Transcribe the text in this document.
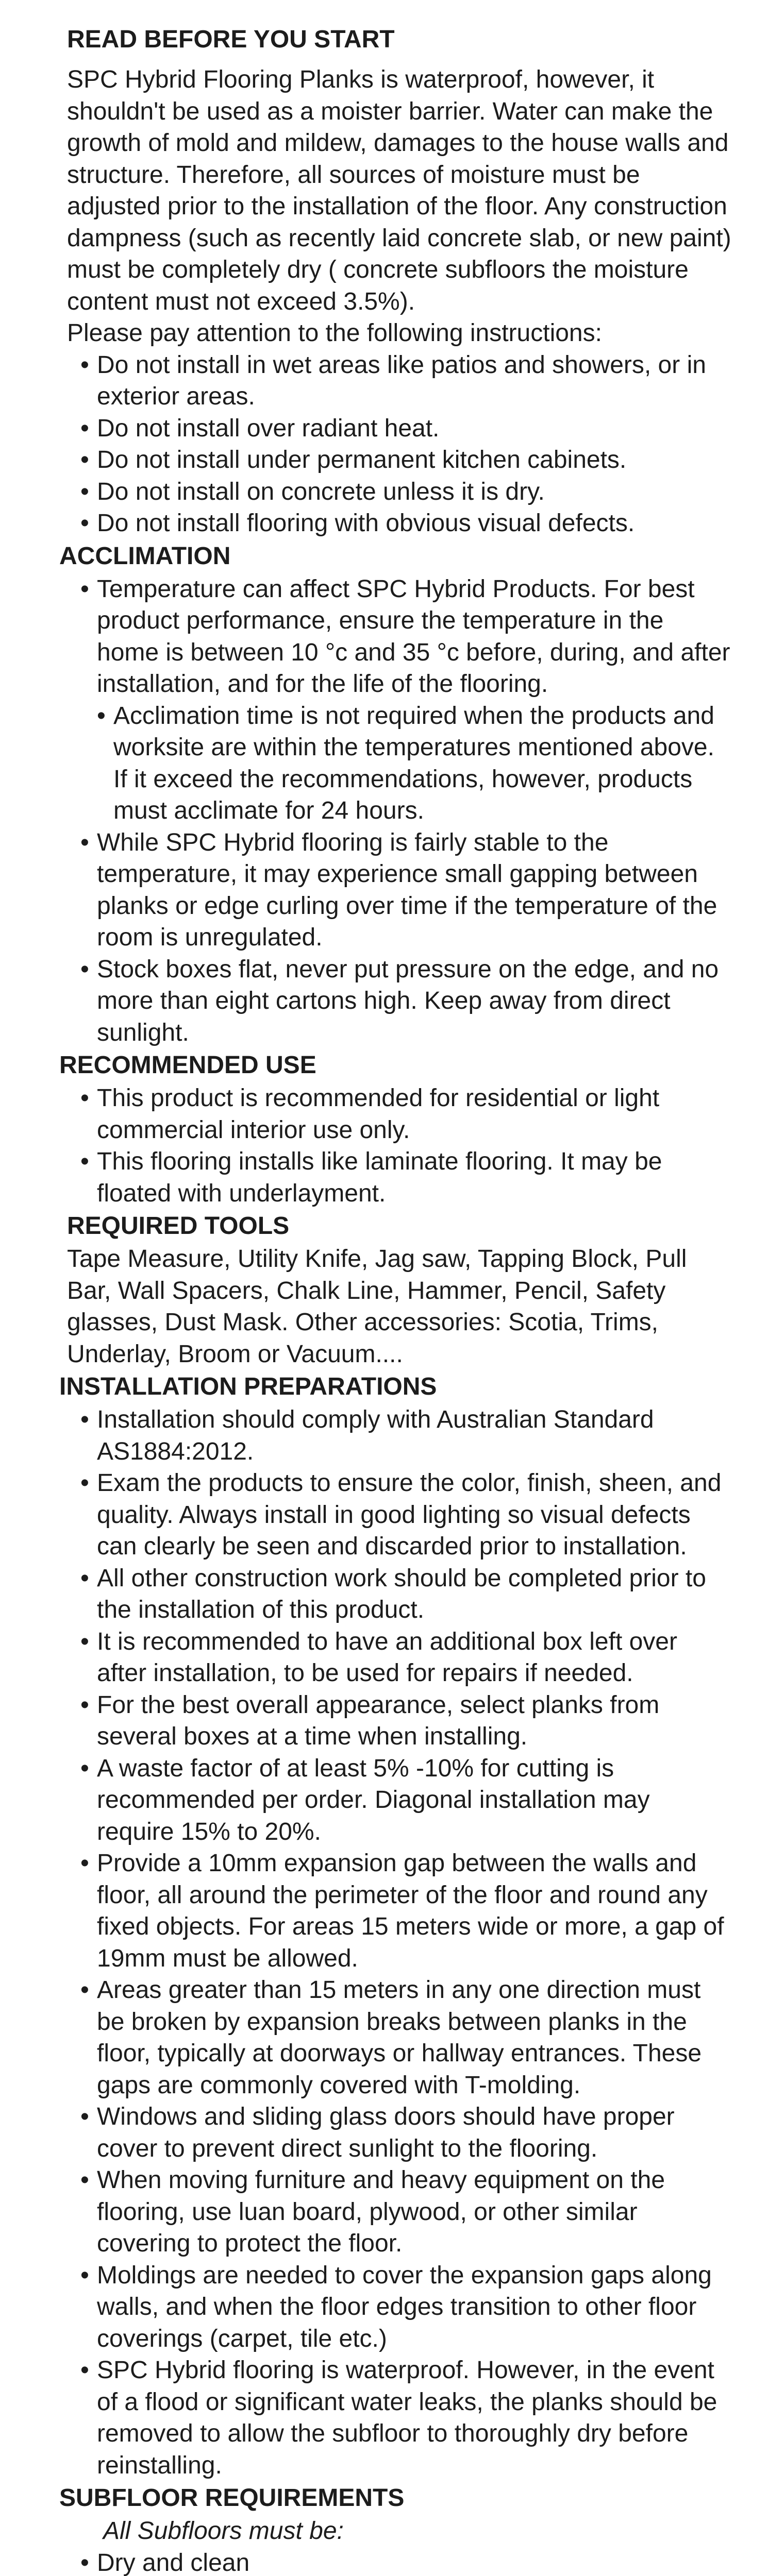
READ BEFORE YOU START

SPC Hybrid Flooring Planks is waterproof, however, it shouldn't be used as a moister barrier. Water can make the growth of mold and mildew, damages to the house walls and structure. Therefore, all sources of moisture must be adjusted prior to the installation of the floor. Any construction dampness (such as recently laid concrete slab, or new paint) must be completely dry ( concrete subfloors the moisture content must not exceed 3.5%).

Please pay attention to the following instructions:

• Do not install in wet areas like patios and showers, or in exterior areas.
• Do not install over radiant heat.
• Do not install under permanent kitchen cabinets.
• Do not install on concrete unless it is dry.
• Do not install flooring with obvious visual defects.
ACCLIMATION
• Temperature can affect SPC Hybrid Products. For best product performance, ensure the temperature in the home is between 10 °c and 35 °c before, during, and after installation, and for the life of the flooring.
• Acclimation time is not required when the products and worksite are within the temperatures mentioned above. If it exceed the recommendations, however, products must acclimate for 24 hours.
• While SPC Hybrid flooring is fairly stable to the temperature, it may experience small gapping between planks or edge curling over time if the temperature of the room is unregulated.
• Stock boxes flat, never put pressure on the edge, and no more than eight cartons high. Keep away from direct sunlight.
RECOMMENDED USE
• This product is recommended for residential or light commercial interior use only.
• This flooring installs like laminate flooring. It may be floated with underlayment.
REQUIRED TOOLS

Tape Measure, Utility Knife, Jag saw, Tapping Block, Pull Bar, Wall Spacers, Chalk Line, Hammer, Pencil, Safety glasses, Dust Mask. Other accessories: Scotia, Trims, Underlay, Broom or Vacuum....

INSTALLATION PREPARATIONS
• Installation should comply with Australian Standard AS1884:2012.
• Exam the products to ensure the color, finish, sheen, and quality. Always install in good lighting so visual defects can clearly be seen and discarded prior to installation.
• All other construction work should be completed prior to the installation of this product.
• It is recommended to have an additional box left over after installation, to be used for repairs if needed.
• For the best overall appearance, select planks from several boxes at a time when installing.
• A waste factor of at least 5% -10% for cutting is recommended per order. Diagonal installation may require 15% to 20%.
• Provide a 10mm expansion gap between the walls and floor, all around the perimeter of the floor and round any fixed objects. For areas 15 meters wide or more, a gap of 19mm must be allowed.
• Areas greater than 15 meters in any one direction must be broken by expansion breaks between planks in the floor, typically at doorways or hallway entrances. These gaps are commonly covered with T-molding.
• Windows and sliding glass doors should have proper cover to prevent direct sunlight to the flooring.
• When moving furniture and heavy equipment on the flooring, use luan board, plywood, or other similar covering to protect the floor.
• Moldings are needed to cover the expansion gaps along walls, and when the floor edges transition to other floor coverings (carpet, tile etc.)
• SPC Hybrid flooring is waterproof. However, in the event of a flood or significant water leaks, the planks should be removed to allow the subfloor to thoroughly dry before reinstalling.
SUBFLOOR REQUIREMENTS
All Subfloors must be:
• Dry and clean
